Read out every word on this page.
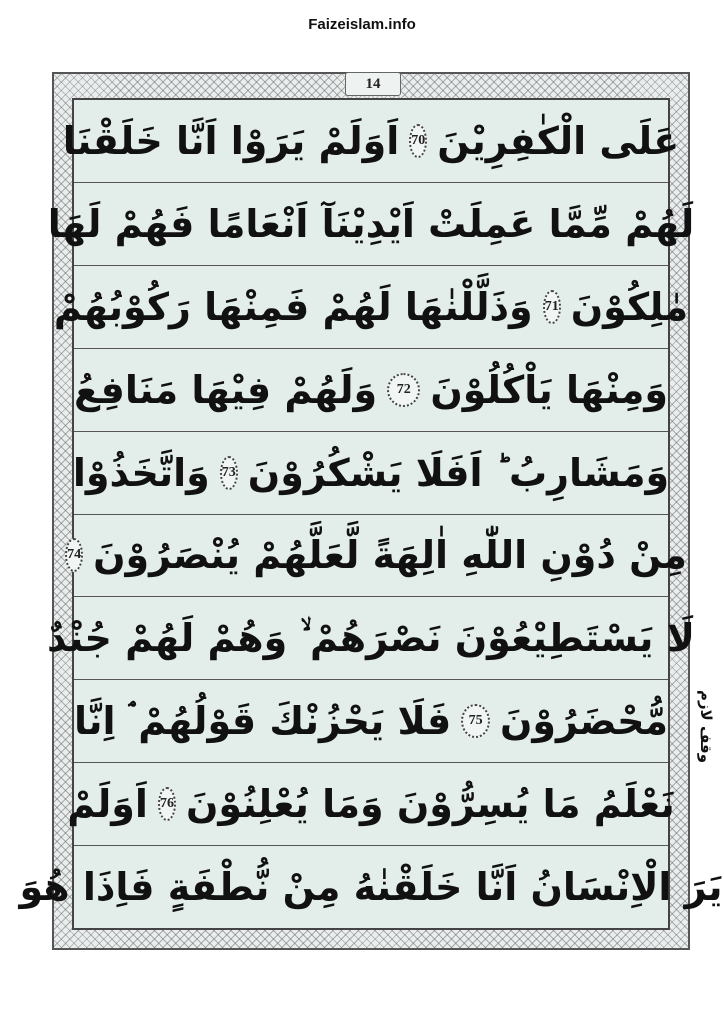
Faizeislam.info
14
عَلَى الْكٰفِرِيْنَ
70
اَوَلَمْ يَرَوْا اَنَّا خَلَقْنَا
لَهُمْ مِّمَّا عَمِلَتْ اَيْدِيْنَآ اَنْعَامًا فَهُمْ لَهَا
مٰلِكُوْنَ
71
وَذَلَّلْنٰهَا لَهُمْ فَمِنْهَا رَكُوْبُهُمْ
وَمِنْهَا يَاْكُلُوْنَ
72
وَلَهُمْ فِيْهَا مَنَافِعُ
وَمَشَارِبُ ؕ اَفَلَا يَشْكُرُوْنَ
73
وَاتَّخَذُوْا
مِنْ دُوْنِ اللّٰهِ اٰلِهَةً لَّعَلَّهُمْ يُنْصَرُوْنَ
74
لَا يَسْتَطِيْعُوْنَ نَصْرَهُمْ ۙ وَهُمْ لَهُمْ جُنْدٌ
مُّحْضَرُوْنَ
75
فَلَا يَحْزُنْكَ قَوْلُهُمْ ۘ اِنَّا
نَعْلَمُ مَا يُسِرُّوْنَ وَمَا يُعْلِنُوْنَ
76
اَوَلَمْ
يَرَ الْاِنْسَانُ اَنَّا خَلَقْنٰهُ مِنْ نُّطْفَةٍ فَاِذَا هُوَ
وقف لازم
